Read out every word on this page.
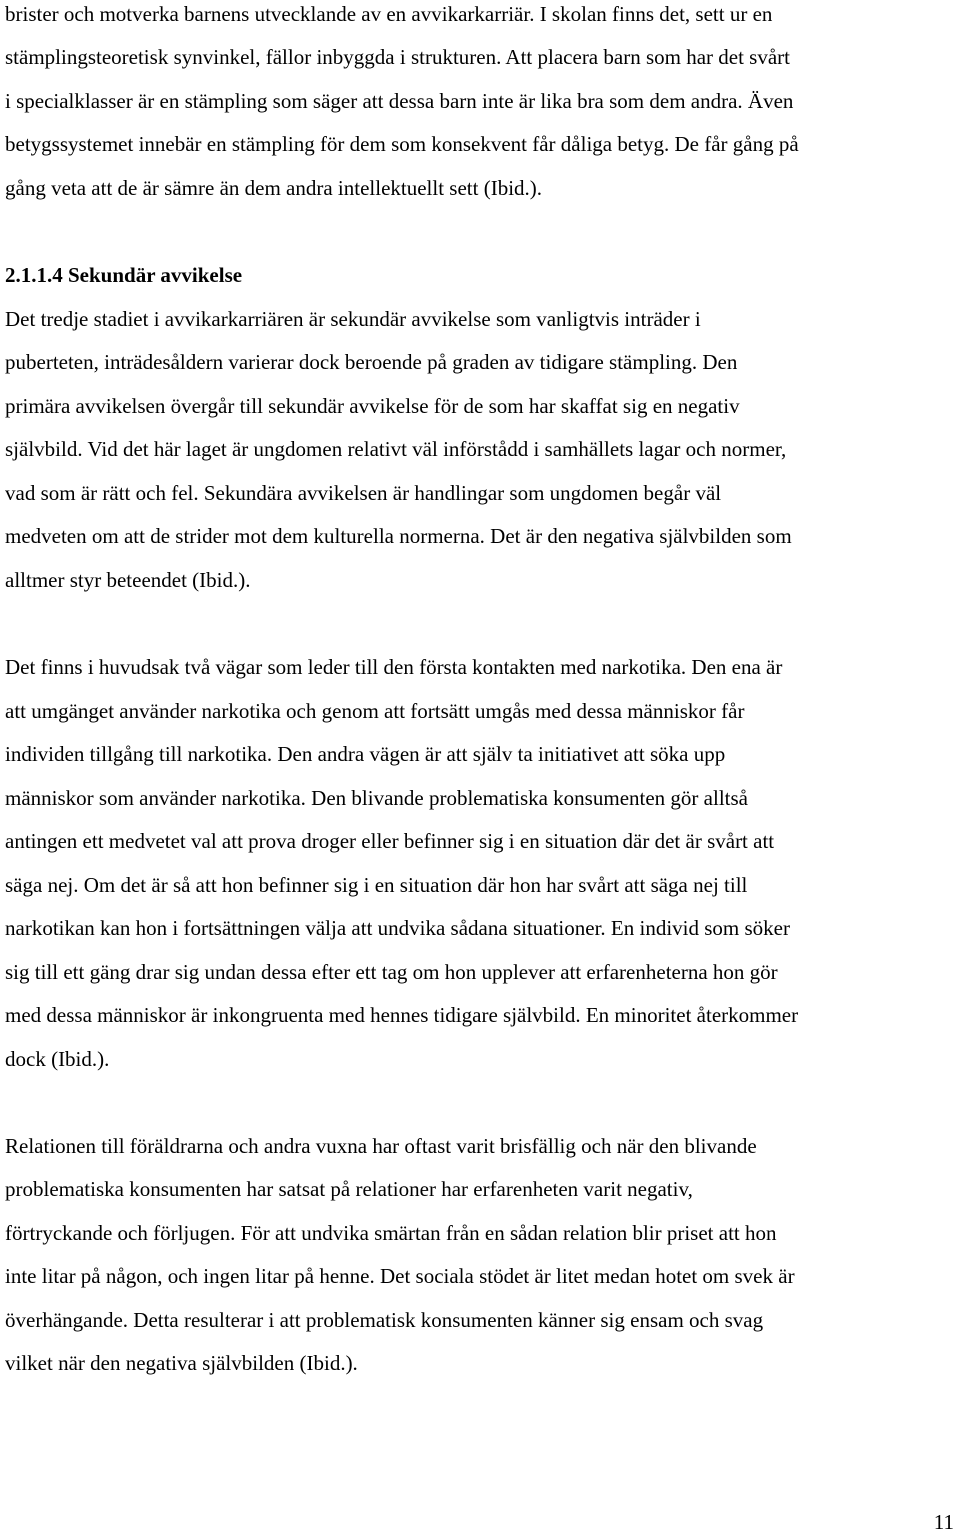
brister och motverka barnens utvecklande av en avvikarkarriär. I skolan finns det, sett ur en
stämplingsteoretisk synvinkel, fällor inbyggda i strukturen. Att placera barn som har det svårt
i specialklasser är en stämpling som säger att dessa barn inte är lika bra som dem andra. Även
betygssystemet innebär en stämpling för dem som konsekvent får dåliga betyg. De får gång på
gång veta att de är sämre än dem andra intellektuellt sett (Ibid.).
2.1.1.4 Sekundär avvikelse
Det tredje stadiet i avvikarkarriären är sekundär avvikelse som vanligtvis inträder i
puberteten, inträdesåldern varierar dock beroende på graden av tidigare stämpling. Den
primära avvikelsen övergår till sekundär avvikelse för de som har skaffat sig en negativ
självbild. Vid det här laget är ungdomen relativt väl införstådd i samhällets lagar och normer,
vad som är rätt och fel. Sekundära avvikelsen är handlingar som ungdomen begår väl
medveten om att de strider mot dem kulturella normerna. Det är den negativa självbilden som
alltmer styr beteendet (Ibid.).
Det finns i huvudsak två vägar som leder till den första kontakten med narkotika. Den ena är
att umgänget använder narkotika och genom att fortsätt umgås med dessa människor får
individen tillgång till narkotika. Den andra vägen är att själv ta initiativet att söka upp
människor som använder narkotika. Den blivande problematiska konsumenten gör alltså
antingen ett medvetet val att prova droger eller befinner sig i en situation där det är svårt att
säga nej. Om det är så att hon befinner sig i en situation där hon har svårt att säga nej till
narkotikan kan hon i fortsättningen välja att undvika sådana situationer. En individ som söker
sig till ett gäng drar sig undan dessa efter ett tag om hon upplever att erfarenheterna hon gör
med dessa människor är inkongruenta med hennes tidigare självbild. En minoritet återkommer
dock (Ibid.).
Relationen till föräldrarna och andra vuxna har oftast varit brisfällig och när den blivande
problematiska konsumenten har satsat på relationer har erfarenheten varit negativ,
förtryckande och förljugen. För att undvika smärtan från en sådan relation blir priset att hon
inte litar på någon, och ingen litar på henne. Det sociala stödet är litet medan hotet om svek är
överhängande. Detta resulterar i att problematisk konsumenten känner sig ensam och svag
vilket när den negativa självbilden (Ibid.).
11
